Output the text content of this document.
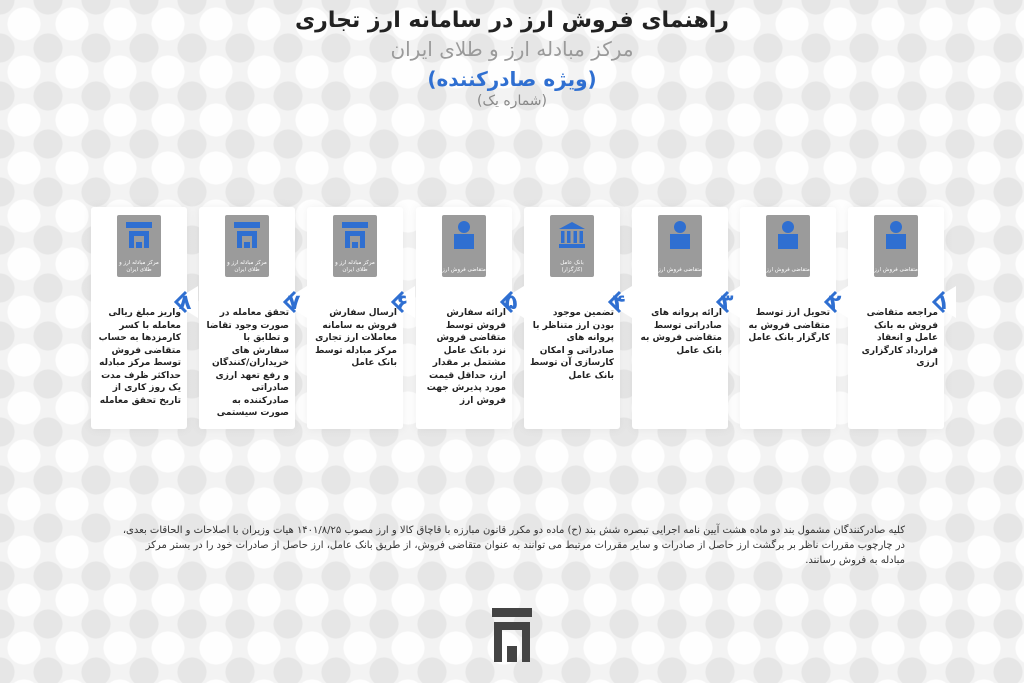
راهنمای فروش ارز در سامانه ارز تجاری
مرکز مبادله ارز و طلای ایران
(ویژه صادرکننده)
(شماره یک)
متقاضی فروش ارز
مراجعه متقاضی فروش به بانک عامل و انعقاد قرارداد کارگزاری ارزی
۱
متقاضی فروش ارز
تحویل ارز توسط متقاضی فروش به کارگزار بانک عامل
۲
متقاضی فروش ارز
ارائه پروانه های صادراتی توسط متقاضی فروش به بانک عامل
۳
بانک عامل (کارگزار)
تضمین موجود بودن ارز متناظر با پروانه های صادراتی و امکان کارسازی آن توسط بانک عامل
۴
متقاضی فروش ارز
ارائه سفارش فروش توسط متقاضی فروش نزد بانک عامل مشتمل بر مقدار ارز، حداقل قیمت مورد پذیرش جهت فروش ارز
۵
مرکز مبادله ارز و طلای ایران
ارسال سفارش فروش به سامانه معاملات ارز تجاری مرکز مبادله توسط بانک عامل
۶
مرکز مبادله ارز و طلای ایران
تحقق معامله در صورت وجود تقاضا و تطابق با سفارش های خریداران/کنندگان و رفع تعهد ارزی صادراتی صادرکننده به صورت سیستمی
۷
مرکز مبادله ارز و طلای ایران
واریز مبلغ ریالی معامله با کسر کارمزدها به حساب متقاضی فروش توسط مرکز مبادله حداکثر ظرف مدت یک روز کاری از تاریخ تحقق معامله
۸
کلیه صادرکنندگان مشمول بند دو ماده هشت آیین نامه اجرایی تبصره شش بند (ح) ماده دو مکرر قانون مبارزه با قاچاق کالا و ارز مصوب ۱۴۰۱/۸/۲۵ هیات وزیران با اصلاحات و الحاقات بعدی، در چارچوب مقررات ناظر بر برگشت ارز حاصل از صادرات و سایر مقررات مرتبط می توانند به عنوان متقاضی فروش، از طریق بانک عامل، ارز حاصل از صادرات خود را در بستر مرکز مبادله به فروش رسانند.
